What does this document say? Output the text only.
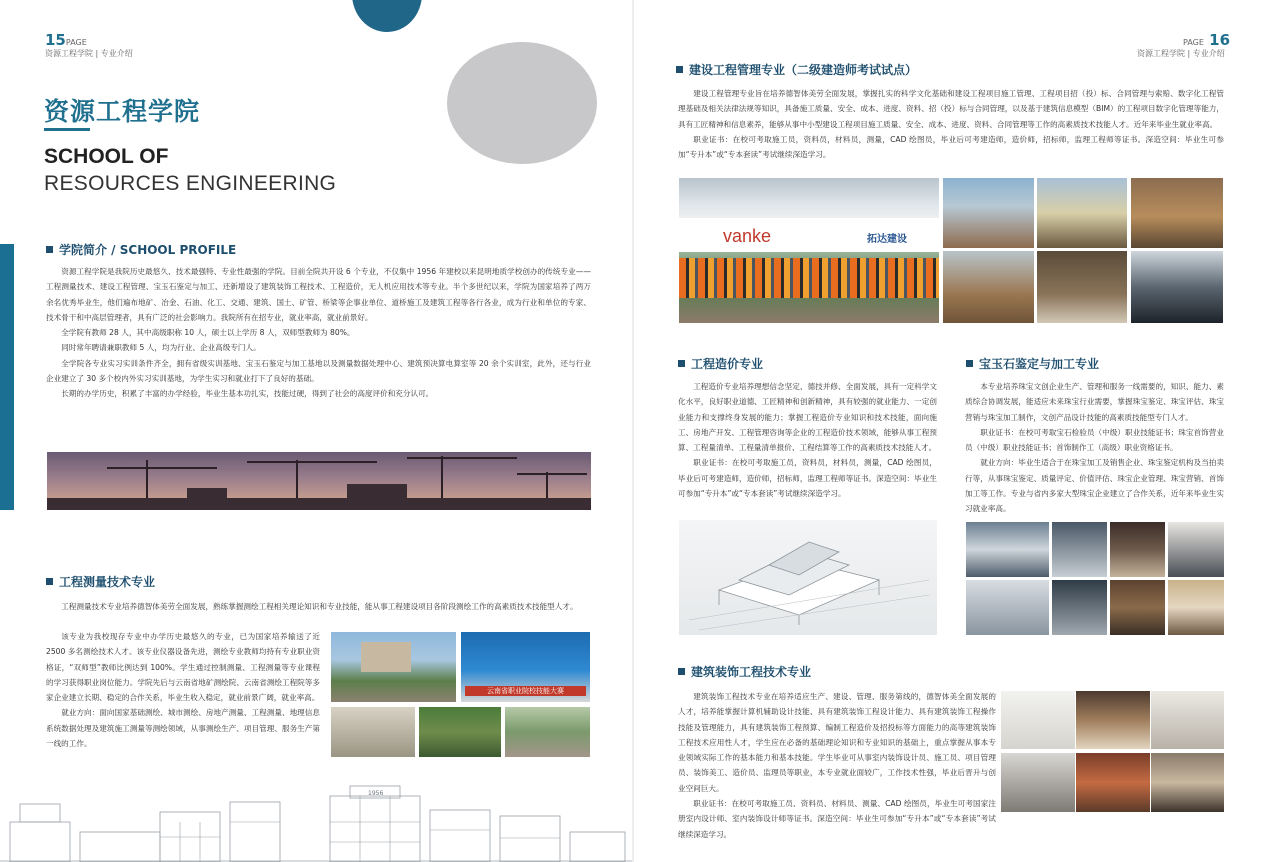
15PAGE
资源工程学院 | 专业介绍
资源工程学院
SCHOOL OF
RESOURCES ENGINEERING
学院简介 / SCHOOL PROFILE

资源工程学院是我院历史最悠久、技术最强特、专业性最强的学院。目前全院共开设 6 个专业，不仅集中 1956 年建校以来昆明地质学校创办的传统专业——工程测量技术、建设工程管理、宝玉石鉴定与加工、还新增设了建筑装饰工程技术、工程造价，无人机应用技术等专业。半个多世纪以来，学院为国家培养了两万余名优秀毕业生，他们遍布地矿、冶金、石油、化工、交通、建筑、国土、矿管、桥梁等企事业单位、道桥施工及建筑工程等各行各业，成为行业和单位的专家、技术骨干和中高层管理者，具有广泛的社会影响力。我院所有在招专业，就业率高，就业前景好。

全学院有教师 28 人，其中高级职称 10 人，硕士以上学历 8 人，双师型教师为 80%。

同时常年聘请兼职教师 5 人，均为行业、企业高级专门人。

全学院各专业实习实训条件齐全，拥有省级实训基地、宝玉石鉴定与加工基地以及测量数据处理中心、建筑预决算电算室等 20 余个实训室，此外，还与行业企业建立了 30 多个校内外实习实训基地，为学生实习和就业打下了良好的基础。

长期的办学历史，积累了丰富的办学经验，毕业生基本功扎实，技能过硬，得到了社会的高度评价和充分认可。

工程测量技术专业

工程测量技术专业培养德智体美劳全面发展，熟练掌握测绘工程相关理论知识和专业技能，能从事工程建设项目各阶段测绘工作的高素质技术技能型人才。

该专业为我校现存专业中办学历史最悠久的专业，已为国家培养输送了近 2500 多名测绘技术人才。该专业仪器设备先进，测绘专业教师均持有专业职业资格证，“双师型”教师比例达到 100%。学生通过控制测量、工程测量等专业课程的学习获得职业岗位能力。学院先后与云南省地矿测绘院、云南省测绘工程院等多家企业建立长期、稳定的合作关系，毕业生收入稳定，就业前景广阔，就业率高。

就业方向：面向国家基础测绘、城市测绘、房地产测量、工程测量、地理信息系统数据处理及建筑施工测量等测绘领域，从事测绘生产、项目管理、服务生产第一线的工作。

云南省职业院校技能大赛
1956
PAGE 16
资源工程学院 | 专业介绍
建设工程管理专业（二级建造师考试试点）

建设工程管理专业旨在培养德智体美劳全面发展，掌握扎实的科学文化基础和建设工程项目施工管理、工程项目招（投）标、合同管理与索赔、数字化工程管理基础及相关法律法规等知识，具备施工质量、安全、成本、进度、资料、招（投）标与合同管理，以及基于建筑信息模型（BIM）的工程项目数字化管理等能力，具有工匠精神和信息素养，能够从事中小型建设工程项目施工质量、安全、成本、进度、资料、合同管理等工作的高素质技术技能人才。近年来毕业生就业率高。

职业证书：在校可考取施工员，资料员，材料员，测量，CAD 绘图员，毕业后可考建造师，造价师，招标师，监理工程师等证书。深造空间：毕业生可参加“专升本”或“专本套读”考试继续深造学习。

vanke	拓达建设
工程造价专业

工程造价专业培养理想信念坚定、德技并修、全面发展，具有一定科学文化水平，良好职业道德、工匠精神和创新精神，具有较强的就业能力、一定创业能力和支撑终身发展的能力；掌握工程造价专业知识和技术技能，面向施工、房地产开发、工程管理咨询等企业的工程造价技术领域，能够从事工程预算、工程量清单、工程量清单报价、工程结算等工作的高素质技术技能人才。

职业证书：在校可考取施工员，资料员，材料员，测量，CAD 绘图员，毕业后可考建造师，造价师，招标师，监理工程师等证书。深造空间：毕业生可参加“专升本”或“专本套读”考试继续深造学习。

宝玉石鉴定与加工专业

本专业培养珠宝文创企业生产、管理和服务一线需要的，知识、能力、素质综合协调发展，能适应未来珠宝行业需要，掌握珠宝鉴定、珠宝评估、珠宝营销与珠宝加工制作，文创产品设计技能的高素质技能型专门人才。

职业证书：在校可考取宝石检验员（中级）职业技能证书；珠宝首饰营业员（中级）职业技能证书；首饰制作工（高级）职业资格证书。

就业方向：毕业生适合于在珠宝加工及销售企业、珠宝鉴定机构及当拍卖行等，从事珠宝鉴定、质量评定、价值评估、珠宝企业管理、珠宝营销、首饰加工等工作。专业与省内多家大型珠宝企业建立了合作关系，近年来毕业生实习就业率高。

建筑装饰工程技术专业

建筑装饰工程技术专业在培养适应生产、建设、管理、服务第线的，德智体美全面发展的人才，培养能掌握计算机辅助设计技能、具有建筑装饰工程设计能力、具有建筑装饰工程操作技能及管理能力，具有建筑装饰工程预算、编制工程造价及招投标等方面能力的高等建筑装饰工程技术应用性人才，学生应在必备的基础理论知识和专业知识的基础上，重点掌握从事本专业领域实际工作的基本能力和基本技能。学生毕业可从事室内装饰设计员、施工员、项目管理员、装饰美工、造价员、监理员等职业，本专业就业面较广，工作技术性强，毕业后晋升与创业空间巨大。

职业证书：在校可考取施工员、资料员、材料员、测量、CAD 绘图员，毕业生可考国家注册室内设计师、室内装饰设计师等证书。深造空间：毕业生可参加“专升本”或“专本套读”考试继续深造学习。
